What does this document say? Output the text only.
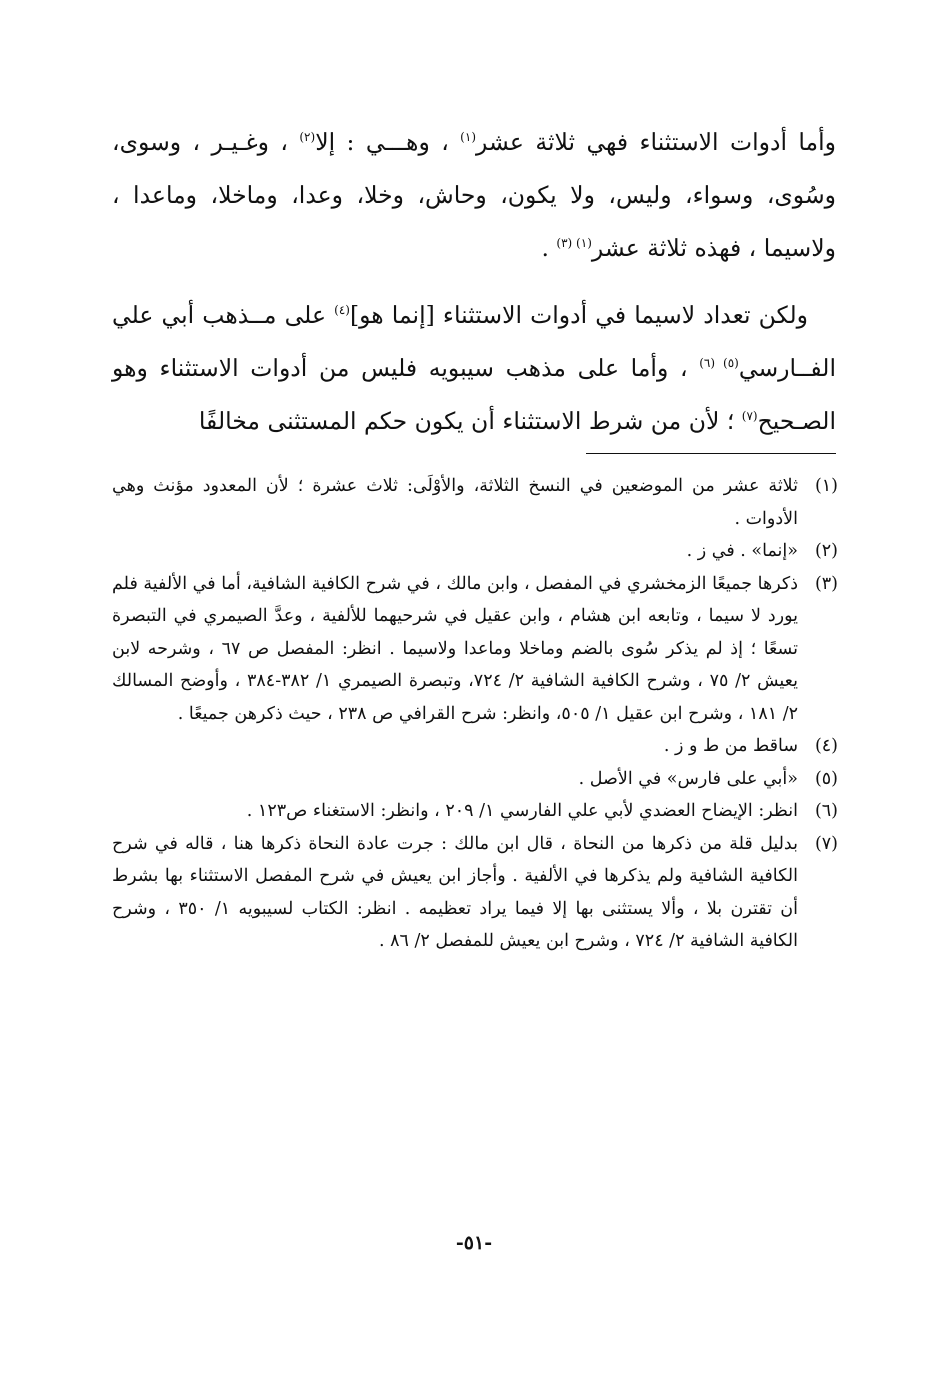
وأما أدوات الاستثناء فهي ثلاثة عشر$^{(١)}$ ، وهـــي : إلا$^{(٢)}$ ، وغـيـر ، وسوى، وسُوى، وسواء، وليس، ولا يكون، وحاش، وخلا، وعدا، وماخلا، وماعدا ، ولاسيما ، فهذه ثلاثة عشر$^{(١) (٣)}$ .

ولكن تعداد لاسيما في أدوات الاستثناء [إنما هو]$^{(٤)}$ على مــذهب أبي علي الفــارسي$^{(٥) (٦)}$ ، وأما على مذهب سيبويه فليس من أدوات الاستثناء وهو الصـحيح$^{(٧)}$ ؛ لأن من شرط الاستثناء أن يكون حكم المستثنى مخالفًا

(١)
ثلاثة عشر من الموضعين في النسخ الثلاثة، والأوْلَى: ثلاث عشرة ؛ لأن المعدود مؤنث وهي الأدوات .
(٢)
«إنما» . في ز .
(٣)
ذكرها جميعًا الزمخشري في المفصل ، وابن مالك ، في شرح الكافية الشافية، أما في الألفية فلم يورد لا سيما ، وتابعه ابن هشام ، وابن عقيل في شرحيهما للألفية ، وعدَّ الصيمري في التبصرة تسعًا ؛ إذ لم يذكر سُوى بالضم وماخلا وماعدا ولاسيما . انظر: المفصل ص ٦٧ ، وشرحه لابن يعيش ٢/ ٧٥ ، وشرح الكافية الشافية ٢/ ٧٢٤، وتبصرة الصيمري ١/ ٣٨٢-٣٨٤ ، وأوضح المسالك ٢/ ١٨١ ، وشرح ابن عقيل ١/ ٥٠٥، وانظر: شرح القرافي ص ٢٣٨ ، حيث ذكرهن جميعًا .
(٤)
ساقط من ط و ز .
(٥)
«أبي على فارس» في الأصل .
(٦)
انظر: الإيضاح العضدي لأبي علي الفارسي ١/ ٢٠٩ ، وانظر: الاستغناء ص١٢٣ .
(٧)
بدليل قلة من ذكرها من النحاة ، قال ابن مالك : جرت عادة النحاة ذكرها هنا ، قاله في شرح الكافية الشافية ولم يذكرها في الألفية . وأجاز ابن يعيش في شرح المفصل الاستثناء بها بشرط أن تقترن بلا ، وألا يستثنى بها إلا فيما يراد تعظيمه . انظر: الكتاب لسيبويه ١/ ٣٥٠ ، وشرح الكافية الشافية ٢/ ٧٢٤ ، وشرح ابن يعيش للمفصل ٢/ ٨٦ .
-٥١-
